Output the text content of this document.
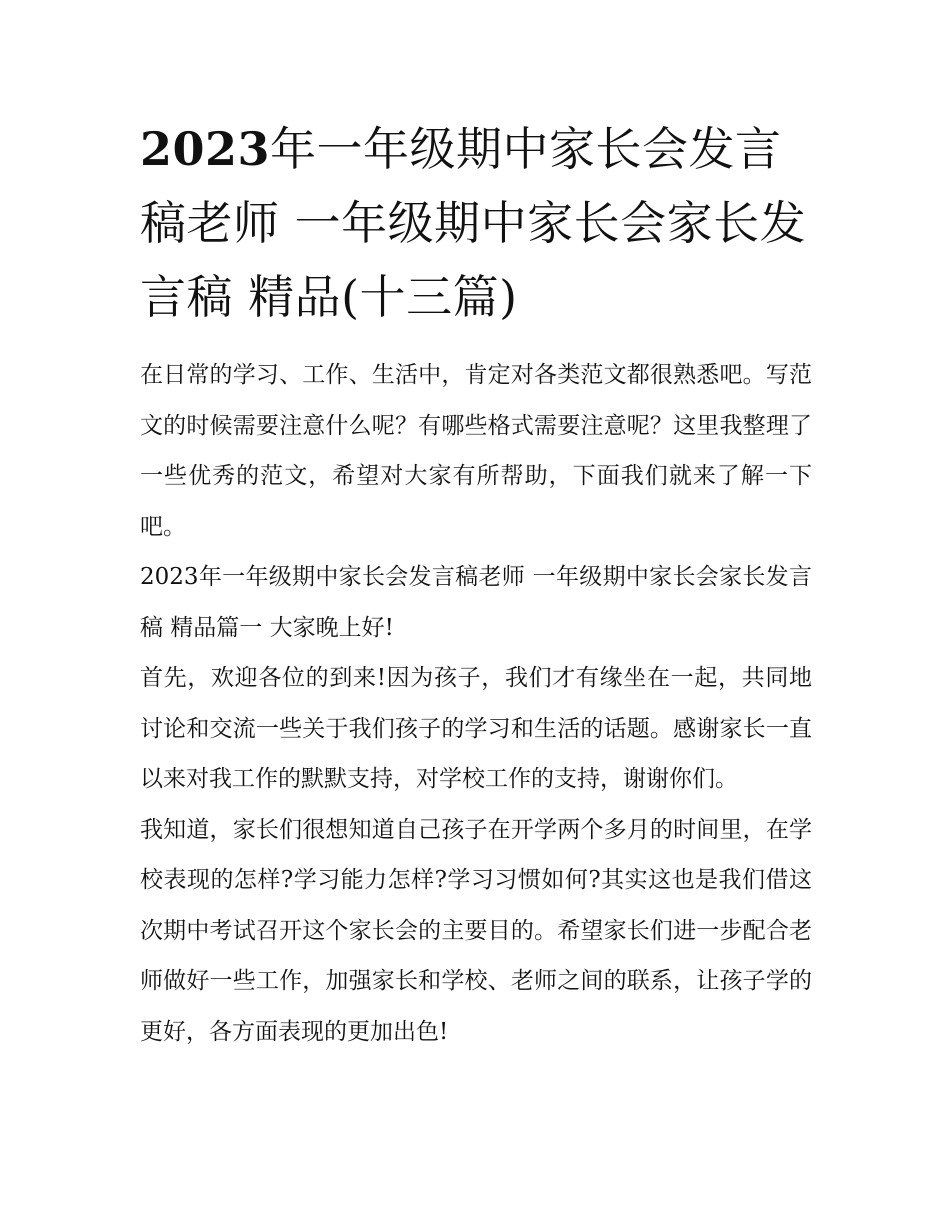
2023年一年级期中家长会发言稿老师 一年级期中家长会家长发言稿 精品(十三篇)

在日常的学习、工作、生活中，肯定对各类范文都很熟悉吧。写范文的时候需要注意什么呢？有哪些格式需要注意呢？这里我整理了一些优秀的范文，希望对大家有所帮助，下面我们就来了解一下吧。

2023年一年级期中家长会发言稿老师 一年级期中家长会家长发言稿 精品篇一 大家晚上好!

首先，欢迎各位的到来!因为孩子，我们才有缘坐在一起，共同地讨论和交流一些关于我们孩子的学习和生活的话题。感谢家长一直以来对我工作的默默支持，对学校工作的支持，谢谢你们。

我知道，家长们很想知道自己孩子在开学两个多月的时间里，在学校表现的怎样?学习能力怎样?学习习惯如何?其实这也是我们借这次期中考试召开这个家长会的主要目的。希望家长们进一步配合老师做好一些工作，加强家长和学校、老师之间的联系，让孩子学的更好，各方面表现的更加出色!
